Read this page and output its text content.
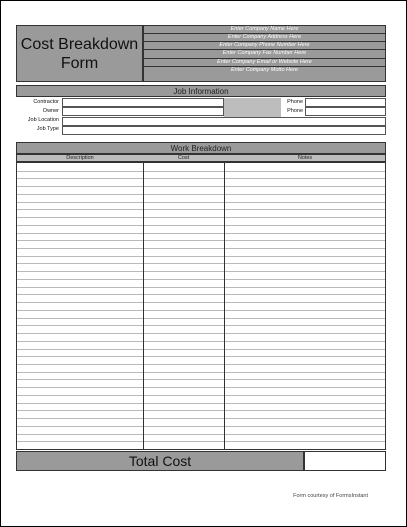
Cost Breakdown
Form
Enter Company Name Here
Enter Company Address Here
Enter Company Phone Number Here
Enter Company Fax Number Here
Enter Company Email or Website Here
Enter Company Motto Here
Job Information
Contractor
Owner
Job Location
Job Type
Phone
Phone
Work Breakdown
Description	Cost	Notes
Total Cost
Form courtesy of FormsInstant
